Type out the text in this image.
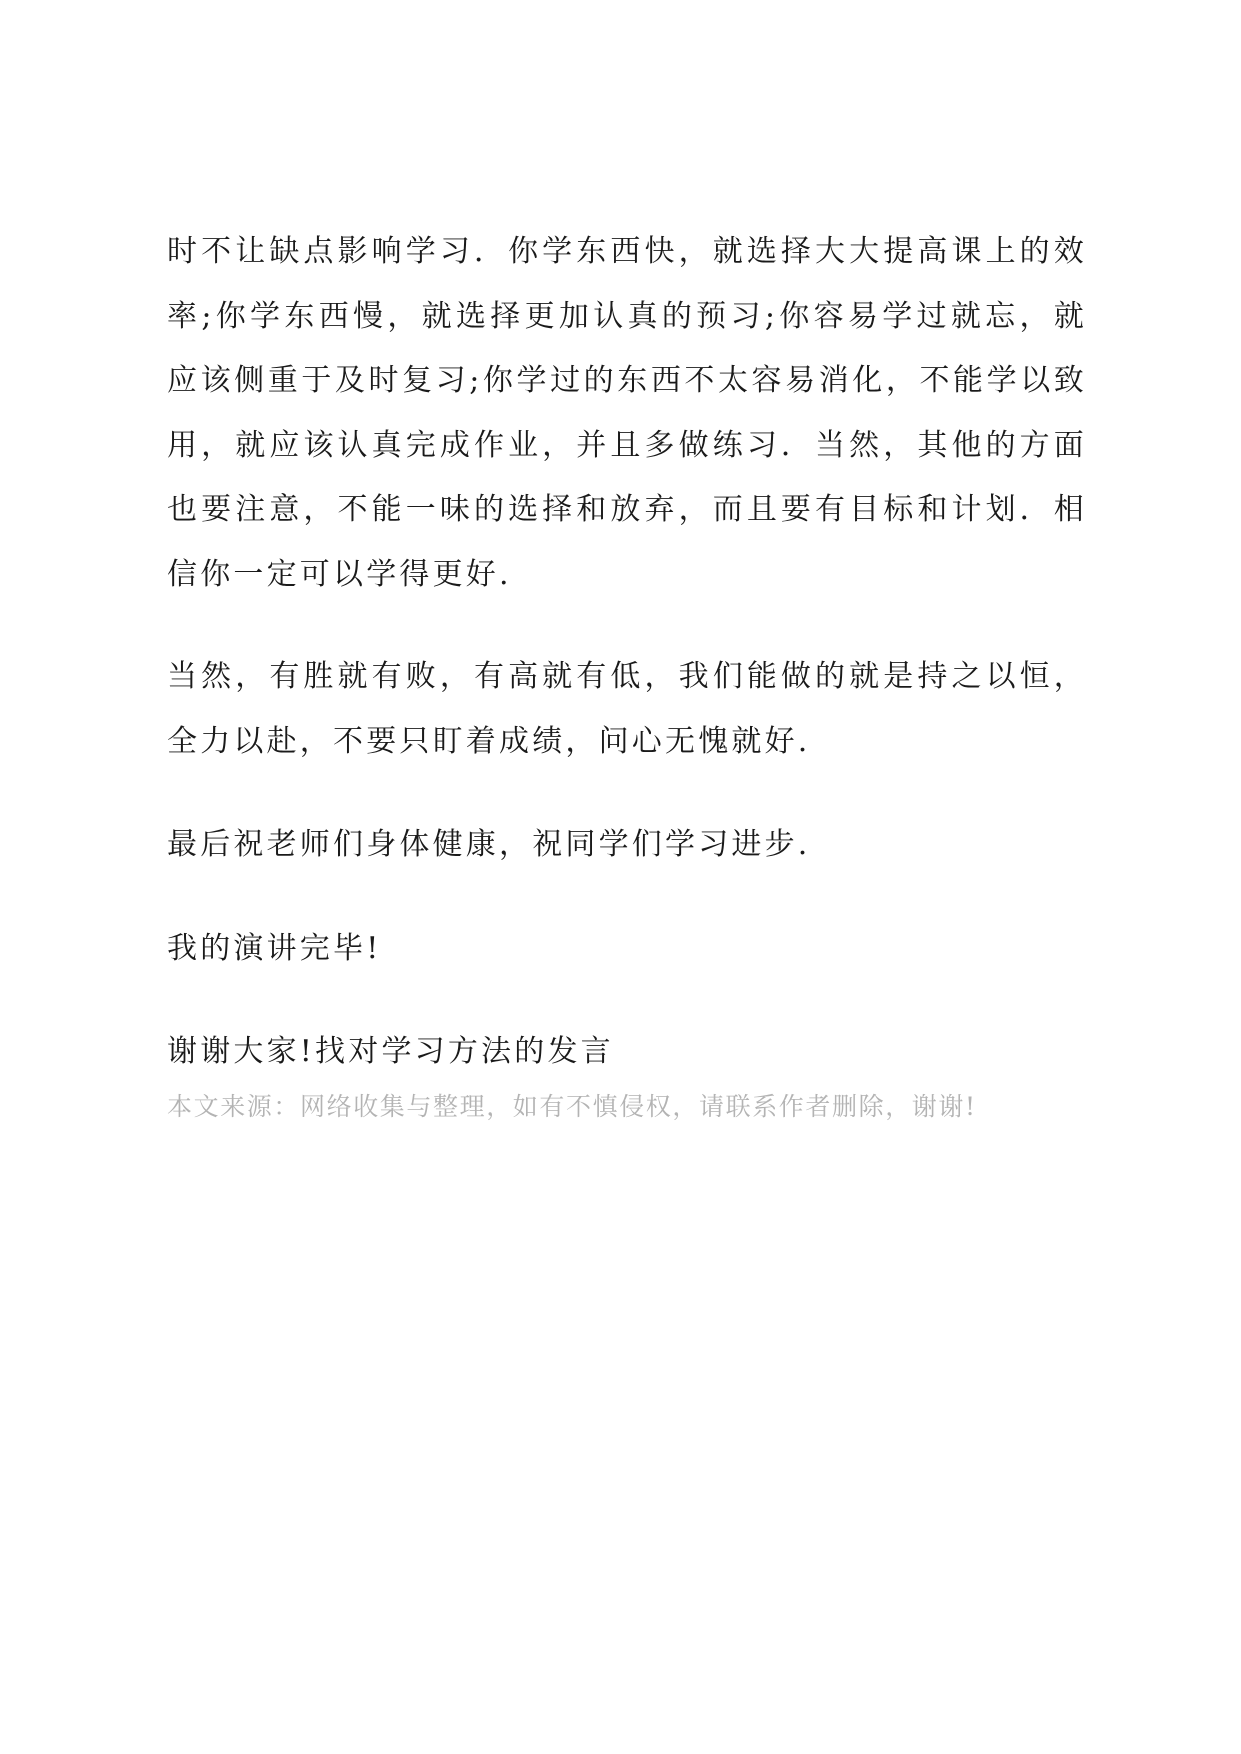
时不让缺点影响学习．你学东西快，就选择大大提高课上的效率;你学东西慢，就选择更加认真的预习;你容易学过就忘，就应该侧重于及时复习;你学过的东西不太容易消化，不能学以致用，就应该认真完成作业，并且多做练习．当然，其他的方面也要注意，不能一味的选择和放弃，而且要有目标和计划．相信你一定可以学得更好.

当然，有胜就有败，有高就有低，我们能做的就是持之以恒，全力以赴，不要只盯着成绩，问心无愧就好.

最后祝老师们身体健康，祝同学们学习进步.

我的演讲完毕!

谢谢大家!找对学习方法的发言

本文来源：网络收集与整理，如有不慎侵权，请联系作者删除，谢谢!
